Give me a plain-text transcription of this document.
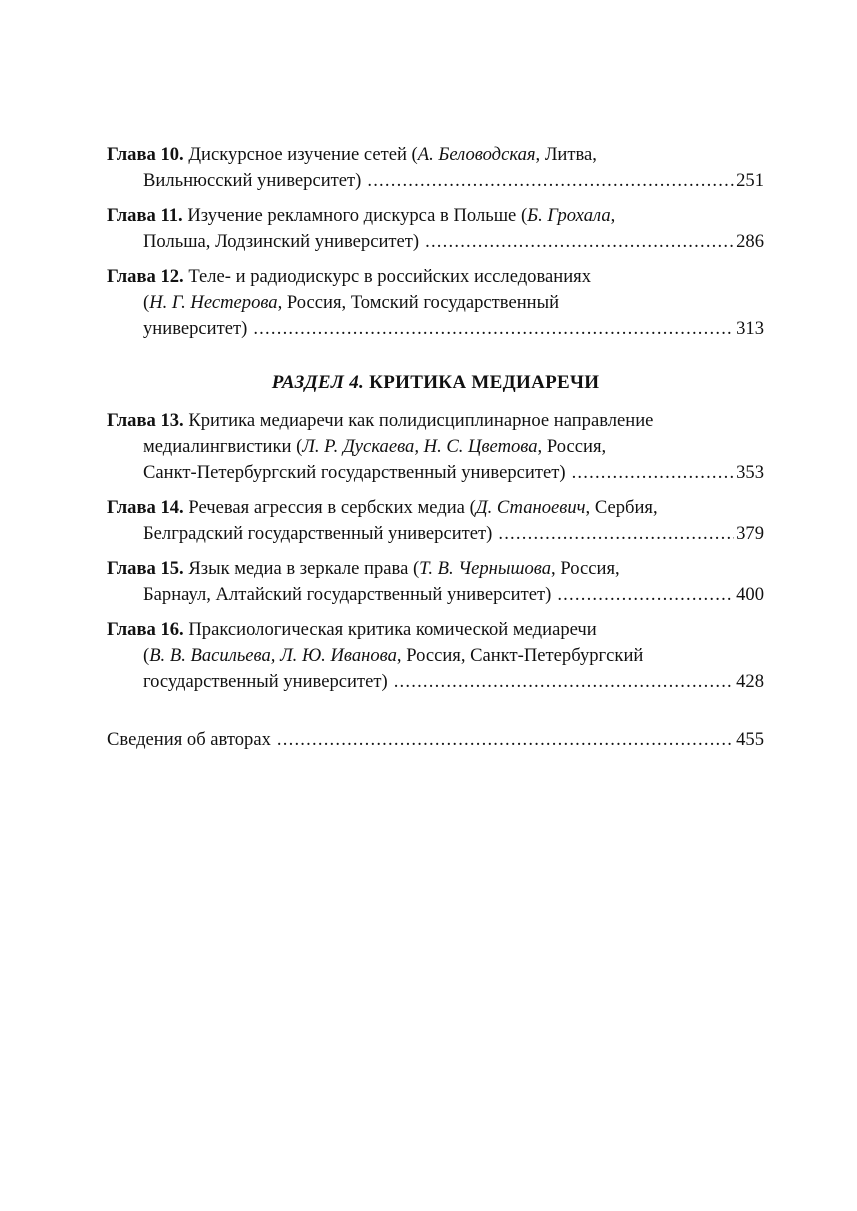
Глава 10. Дискурсное изучение сетей (А. Беловодская, Литва,
Вильнюсский университет) .....	251
Глава 11. Изучение рекламного дискурса в Польше (Б. Грохала,
Польша, Лодзинский университет) .....	286
Глава 12. Теле- и радиодискурс в российских исследованиях
(Н. Г. Нестерова, Россия, Томский государственный
университет) .....	313
РАЗДЕЛ 4. КРИТИКА МЕДИАРЕЧИ
Глава 13. Критика медиаречи как полидисциплинарное направление
медиалингвистики (Л. Р. Дускаева, Н. С. Цветова, Россия,
Санкт-Петербургский государственный университет) .....	353
Глава 14. Речевая агрессия в сербских медиа (Д. Станоевич, Сербия,
Белградский государственный университет) .....	379
Глава 15. Язык медиа в зеркале права (Т. В. Чернышова, Россия,
Барнаул, Алтайский государственный университет) .....	400
Глава 16. Праксиологическая критика комической медиаречи
(В. В. Васильева, Л. Ю. Иванова, Россия, Санкт-Петербургский
государственный университет) .....	428
Сведения об авторах .....	455
